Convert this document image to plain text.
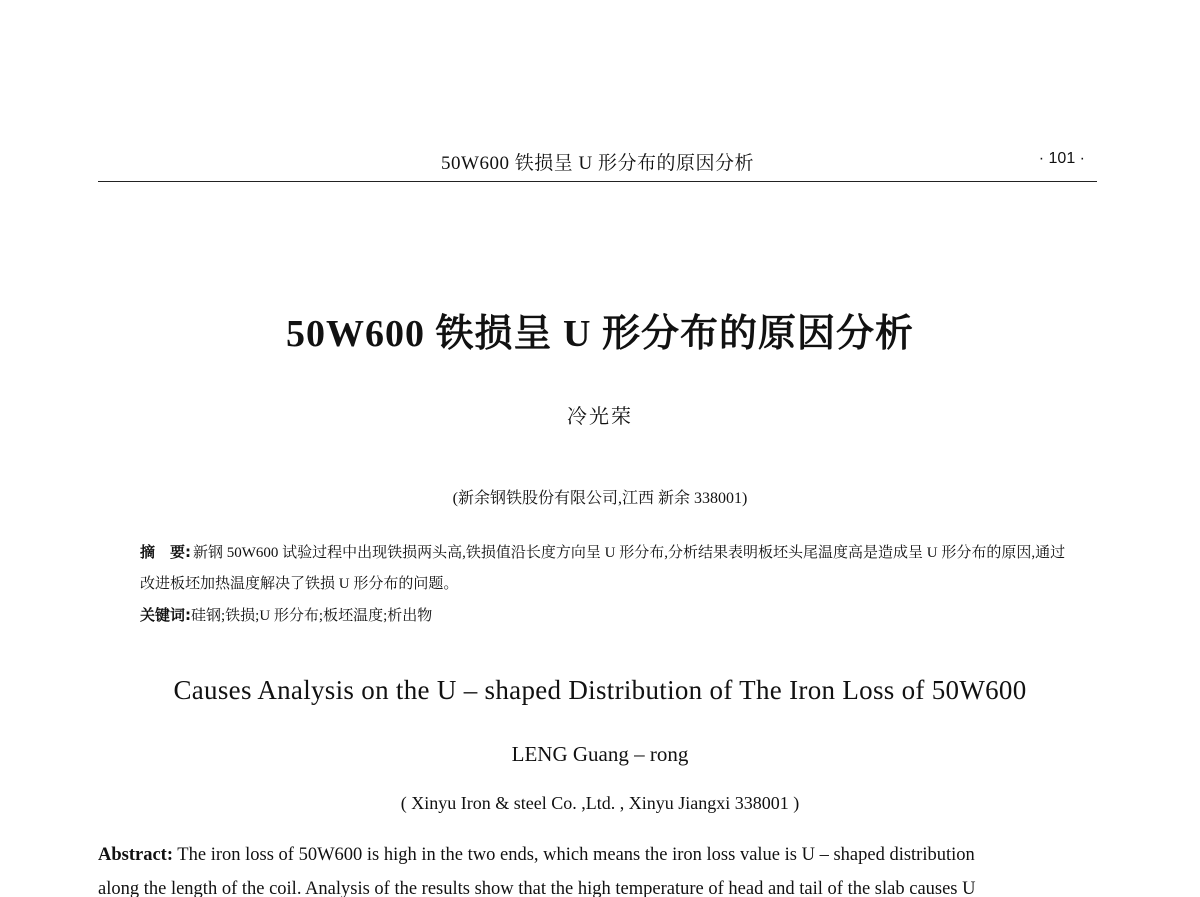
50W600 铁损呈 U 形分布的原因分析	· 101 ·
50W600 铁损呈 U 形分布的原因分析
冷光荣
(新余钢铁股份有限公司,江西 新余 338001)
摘　要: 新钢 50W600 试验过程中出现铁损两头高,铁损值沿长度方向呈 U 形分布,分析结果表明板坯头尾温度高是造成呈 U 形分布的原因,通过改进板坯加热温度解决了铁损 U 形分布的问题。
关键词:硅钢;铁损;U 形分布;板坯温度;析出物
Causes Analysis on the U – shaped Distribution of The Iron Loss of 50W600
LENG Guang – rong
( Xinyu Iron & steel Co. ,Ltd. , Xinyu Jiangxi 338001 )
Abstract: The iron loss of 50W600 is high in the two ends, which means the iron loss value is U – shaped distribution
along the length of the coil. Analysis of the results show that the high temperature of head and tail of the slab causes U
